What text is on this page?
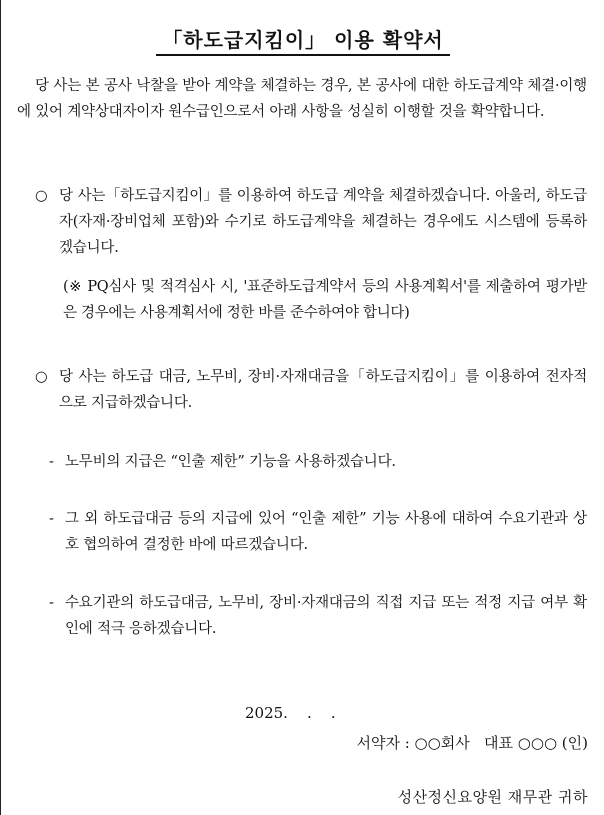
「하도급지킴이」 이용 확약서
당 사는 본 공사 낙찰을 받아 계약을 체결하는 경우, 본 공사에 대한 하도급계약 체결·이행에 있어 계약상대자이자 원수급인으로서 아래 사항을 성실히 이행할 것을 확약합니다.
○ 당 사는「하도급지킴이」를 이용하여 하도급 계약을 체결하겠습니다. 아울러, 하도급자(자재·장비업체 포함)와 수기로 하도급계약을 체결하는 경우에도 시스템에 등록하겠습니다.
(※ PQ심사 및 적격심사 시, '표준하도급계약서 등의 사용계획서'를 제출하여 평가받은 경우에는 사용계획서에 정한 바를 준수하여야 합니다)
○ 당 사는 하도급 대금, 노무비, 장비·자재대금을「하도급지킴이」를 이용하여 전자적으로 지급하겠습니다.
- 노무비의 지급은 “인출 제한” 기능을 사용하겠습니다.
- 그 외 하도급대금 등의 지급에 있어 “인출 제한” 기능 사용에 대하여 수요기관과 상호 협의하여 결정한 바에 따르겠습니다.
- 수요기관의 하도급대금, 노무비, 장비·자재대금의 직접 지급 또는 적정 지급 여부 확인에 적극 응하겠습니다.
2025.    .    .
서약자 : ○○회사   대표 ○○○ (인)
성산정신요양원 재무관 귀하
